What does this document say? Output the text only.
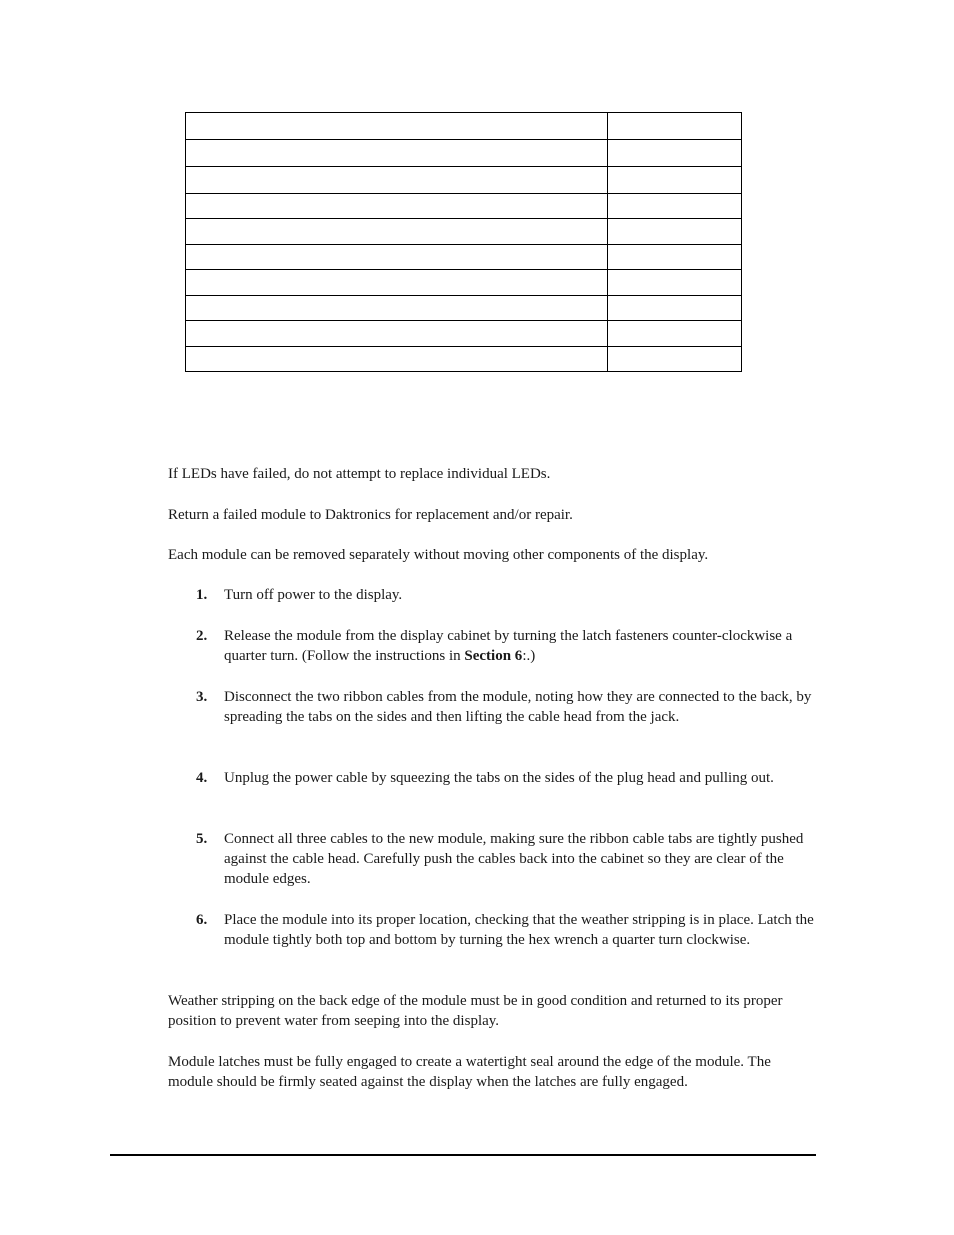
If LEDs have failed, do not attempt to replace individual LEDs.

Return a failed module to Daktronics for replacement and/or repair.

Each module can be removed separately without moving other components of the display.

1. Turn off power to the display.
2. Release the module from the display cabinet by turning the latch fasteners counter-clockwise a quarter turn. (Follow the instructions in Section 6:.)
3. Disconnect the two ribbon cables from the module, noting how they are connected to the back, by spreading the tabs on the sides and then lifting the cable head from the jack.
4. Unplug the power cable by squeezing the tabs on the sides of the plug head and pulling out.
5. Connect all three cables to the new module, making sure the ribbon cable tabs are tightly pushed against the cable head. Carefully push the cables back into the cabinet so they are clear of the module edges.
6. Place the module into its proper location, checking that the weather stripping is in place. Latch the module tightly both top and bottom by turning the hex wrench a quarter turn clockwise.

Weather stripping on the back edge of the module must be in good condition and returned to its proper position to prevent water from seeping into the display.

Module latches must be fully engaged to create a watertight seal around the edge of the module. The module should be firmly seated against the display when the latches are fully engaged.
